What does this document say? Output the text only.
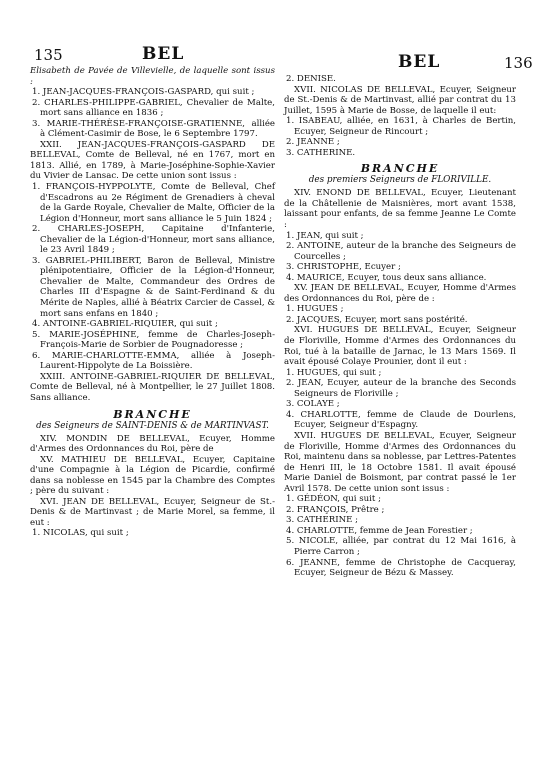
135	BEL	BEL	136

Elisabeth de Pavée de Villevielle, de laquelle sont issus :

1. JEAN-JACQUES-FRANÇOIS-GASPARD, qui suit ;

2. CHARLES-PHILIPPE-GABRIEL, Chevalier de Malte, mort sans alliance en 1836 ;

3. MARIE-THÉRÈSE-FRANÇOISE-GRATIENNE, alliée à Clément-Casimir de Bose, le 6 Septembre 1797.

XXII. JEAN-JACQUES-FRANÇOIS-GASPARD DE BELLEVAL, Comte de Belleval, né en 1767, mort en 1813. Allié, en 1789, à Marie-Joséphine-Sophie-Xavier du Vivier de Lansac. De cette union sont issus :

1. FRANÇOIS-HYPPOLYTE, Comte de Belleval, Chef d'Escadrons au 2e Régiment de Grenadiers à cheval de la Garde Royale, Chevalier de Malte, Officier de la Légion d'Honneur, mort sans alliance le 5 Juin 1824 ;

2. CHARLES-JOSEPH, Capitaine d'Infanterie, Chevalier de la Légion-d'Honneur, mort sans alliance, le 23 Avril 1849 ;

3. GABRIEL-PHILIBERT, Baron de Belleval, Ministre plénipotentiaire, Officier de la Légion-d'Honneur, Chevalier de Malte, Commandeur des Ordres de Charles III d'Espagne & de Saint-Ferdinand & du Mérite de Naples, allié à Béatrix Carcier de Cassel, & mort sans enfans en 1840 ;

4. ANTOINE-GABRIEL-RIQUIER, qui suit ;

5. MARIE-JOSÉPHINE, femme de Charles-Joseph-François-Marie de Sorbier de Pougnadoresse ;

6. MARIE-CHARLOTTE-EMMA, alliée à Joseph-Laurent-Hippolyte de La Boissière.

XXIII. ANTOINE-GABRIEL-RIQUIER DE BELLEVAL, Comte de Belleval, né à Montpellier, le 27 Juillet 1808. Sans alliance.

BRANCHE

des Seigneurs de SAINT-DENIS & de MARTINVAST.

XIV. MONDIN DE BELLEVAL, Ecuyer, Homme d'Armes des Ordonnances du Roi, père de

XV. MATHIEU DE BELLEVAL, Ecuyer, Capitaine d'une Compagnie à la Légion de Picardie, confirmé dans sa noblesse en 1545 par la Chambre des Comptes ; père du suivant :

XVI. JEAN DE BELLEVAL, Ecuyer, Seigneur de St.-Denis & de Martinvast ; de Marie Morel, sa femme, il eut :

1. NICOLAS, qui suit ;

2. DENISE.

XVII. NICOLAS DE BELLEVAL, Ecuyer, Seigneur de St.-Denis & de Martinvast, allié par contrat du 13 Juillet, 1595 à Marie de Bosse, de laquelle il eut:

1. ISABEAU, alliée, en 1631, à Charles de Bertin, Ecuyer, Seigneur de Rincourt ;

2. JEANNE ;

3. CATHERINE.

BRANCHE

des premiers Seigneurs de FLORIVILLE.

XIV. ENOND DE BELLEVAL, Ecuyer, Lieutenant de la Châtellenie de Maisnières, mort avant 1538, laissant pour enfants, de sa femme Jeanne Le Comte :

1. JEAN, qui suit ;

2. ANTOINE, auteur de la branche des Seigneurs de Courcelles ;

3. CHRISTOPHE, Ecuyer ;

4. MAURICE, Ecuyer, tous deux sans alliance.

XV. JEAN DE BELLEVAL, Ecuyer, Homme d'Armes des Ordonnances du Roi, père de :

1. HUGUES ;

2. JACQUES, Ecuyer, mort sans postérité.

XVI. HUGUES DE BELLEVAL, Ecuyer, Seigneur de Floriville, Homme d'Armes des Ordonnances du Roi, tué à la bataille de Jarnac, le 13 Mars 1569. Il avait épousé Colaye Prounier, dont il eut :

1. HUGUES, qui suit ;

2. JEAN, Ecuyer, auteur de la branche des Seconds Seigneurs de Floriville ;

3. COLAYE ;

4. CHARLOTTE, femme de Claude de Dourlens, Ecuyer, Seigneur d'Espagny.

XVII. HUGUES DE BELLEVAL, Ecuyer, Seigneur de Floriville, Homme d'Armes des Ordonnances du Roi, maintenu dans sa noblesse, par Lettres-Patentes de Henri III, le 18 Octobre 1581. Il avait épousé Marie Daniel de Boismont, par contrat passé le 1er Avril 1578. De cette union sont issus :

1. GÉDÉON, qui suit ;

2. FRANÇOIS, Prêtre ;

3. CATHERINE ;

4. CHARLOTTE, femme de Jean Forestier ;

5. NICOLE, alliée, par contrat du 12 Mai 1616, à Pierre Carron ;

6. JEANNE, femme de Christophe de Cacqueray, Ecuyer, Seigneur de Bézu & Massey.
